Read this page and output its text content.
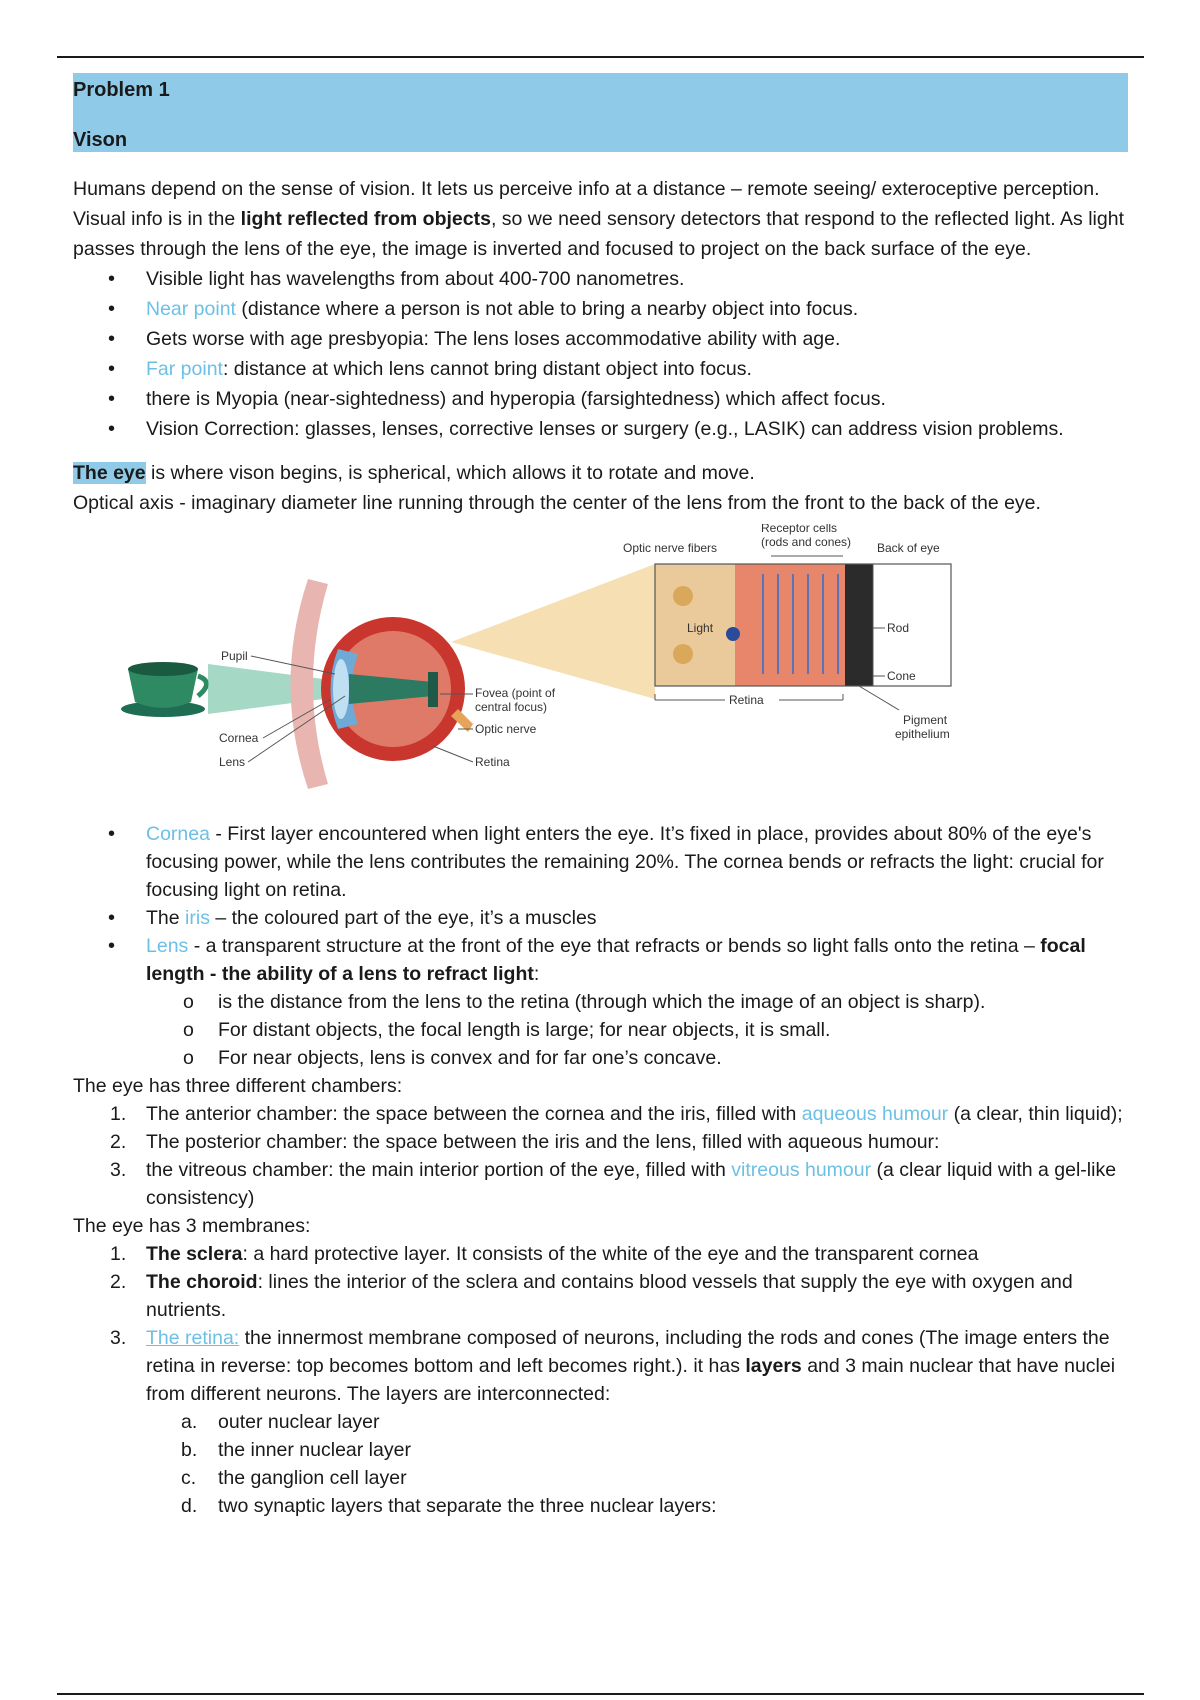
Problem 1
Vison

Humans depend on the sense of vision. It lets us perceive info at a distance – remote seeing/ exteroceptive perception.

Visual info is in the light reflected from objects, so we need sensory detectors that respond to the reflected light. As light passes through the lens of the eye, the image is inverted and focused to project on the back surface of the eye.

• Visible light has wavelengths from about 400-700 nanometres.
• Near point (distance where a person is not able to bring a nearby object into focus.
• Gets worse with age presbyopia: The lens loses accommodative ability with age.
• Far point: distance at which lens cannot bring distant object into focus.
• there is Myopia (near-sightedness) and hyperopia (farsightedness) which affect focus.
• Vision Correction: glasses, lenses, corrective lenses or surgery (e.g., LASIK) can address vision problems.

The eye is where vison begins, is spherical, which allows it to rotate and move.

Optical axis - imaginary diameter line running through the center of the lens from the front to the back of the eye.

Pupil
Cornea
Lens
Fovea (point of
central focus)
Optic nerve
Retina
Light
Optic nerve fibers
Receptor cells
(rods and cones) Back of eye
Rod
Cone
Retina
Pigment
epithelium
• Cornea - First layer encountered when light enters the eye. It’s fixed in place, provides about 80% of the eye's focusing power, while the lens contributes the remaining 20%. The cornea bends or refracts the light: crucial for focusing light on retina.
• The iris – the coloured part of the eye, it’s a muscles
• Lens - a transparent structure at the front of the eye that refracts or bends so light falls onto the retina – focal length - the ability of a lens to refract light:
o is the distance from the lens to the retina (through which the image of an object is sharp).
o For distant objects, the focal length is large; for near objects, it is small.
o For near objects, lens is convex and for far one’s concave.

The eye has three different chambers:

1. The anterior chamber: the space between the cornea and the iris, filled with aqueous humour (a clear, thin liquid);
2. The posterior chamber: the space between the iris and the lens, filled with aqueous humour:
3. the vitreous chamber: the main interior portion of the eye, filled with vitreous humour (a clear liquid with a gel-like consistency)

The eye has 3 membranes:

1. The sclera: a hard protective layer. It consists of the white of the eye and the transparent cornea
2. The choroid: lines the interior of the sclera and contains blood vessels that supply the eye with oxygen and nutrients.
3. The retina: the innermost membrane composed of neurons, including the rods and cones (The image enters the retina in reverse: top becomes bottom and left becomes right.). it has layers and 3 main nuclear that have nuclei from different neurons. The layers are interconnected:
a. outer nuclear layer
b. the inner nuclear layer
c. the ganglion cell layer
d. two synaptic layers that separate the three nuclear layers:
